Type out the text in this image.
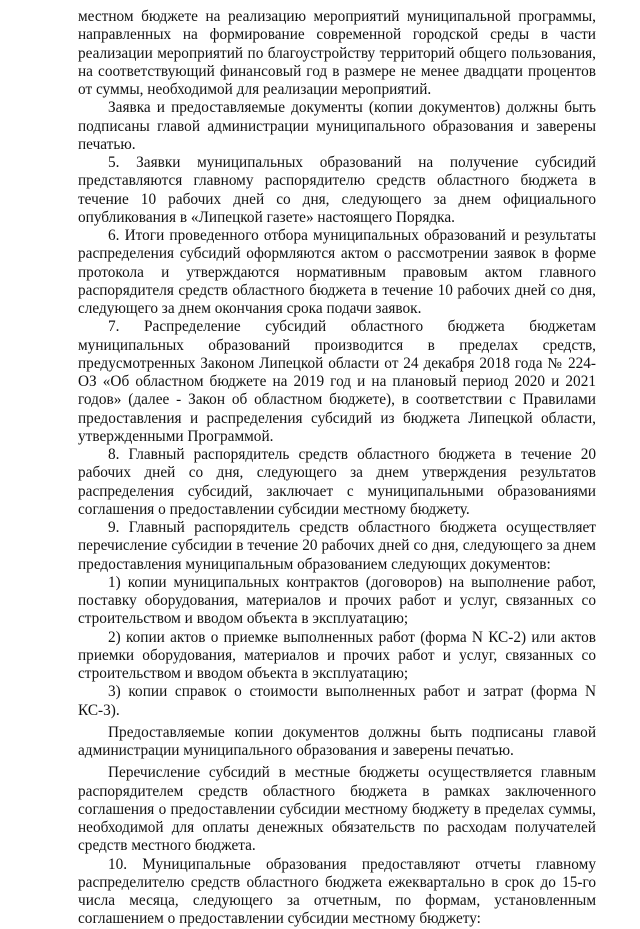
местном бюджете на реализацию мероприятий муниципальной программы, направленных на формирование современной городской среды в части реализации мероприятий по благоустройству территорий общего пользования, на соответствующий финансовый год в размере не менее двадцати процентов от суммы, необходимой для реализации мероприятий.

Заявка и предоставляемые документы (копии документов) должны быть подписаны главой администрации муниципального образования и заверены печатью.

5. Заявки муниципальных образований на получение субсидий представляются главному распорядителю средств областного бюджета в течение 10 рабочих дней со дня, следующего за днем официального опубликования в «Липецкой газете» настоящего Порядка.

6. Итоги проведенного отбора муниципальных образований и результаты распределения субсидий оформляются актом о рассмотрении заявок в форме протокола и утверждаются нормативным правовым актом главного распорядителя средств областного бюджета в течение 10 рабочих дней со дня, следующего за днем окончания срока подачи заявок.

7. Распределение субсидий областного бюджета бюджетам муниципальных образований производится в пределах средств, предусмотренных Законом Липецкой области от 24 декабря 2018 года № 224-ОЗ «Об областном бюджете на 2019 год и на плановый период 2020 и 2021 годов» (далее - Закон об областном бюджете), в соответствии с Правилами предоставления и распределения субсидий из бюджета Липецкой области, утвержденными Программой.

8. Главный распорядитель средств областного бюджета в течение 20 рабочих дней со дня, следующего за днем утверждения результатов распределения субсидий, заключает с муниципальными образованиями соглашения о предоставлении субсидии местному бюджету.

9. Главный распорядитель средств областного бюджета осуществляет перечисление субсидии в течение 20 рабочих дней со дня, следующего за днем предоставления муниципальным образованием следующих документов:

1) копии муниципальных контрактов (договоров) на выполнение работ, поставку оборудования, материалов и прочих работ и услуг, связанных со строительством и вводом объекта в эксплуатацию;

2) копии актов о приемке выполненных работ (форма N КС-2) или актов приемки оборудования, материалов и прочих работ и услуг, связанных со строительством и вводом объекта в эксплуатацию;

3) копии справок о стоимости выполненных работ и затрат (форма N КС-3).

Предоставляемые копии документов должны быть подписаны главой администрации муниципального образования и заверены печатью.

Перечисление субсидий в местные бюджеты осуществляется главным распорядителем средств областного бюджета в рамках заключенного соглашения о предоставлении субсидии местному бюджету в пределах суммы, необходимой для оплаты денежных обязательств по расходам получателей средств местного бюджета.

10. Муниципальные образования предоставляют отчеты главному распределителю средств областного бюджета ежеквартально в срок до 15-го числа месяца, следующего за отчетным, по формам, установленным соглашением о предоставлении субсидии местному бюджету:
